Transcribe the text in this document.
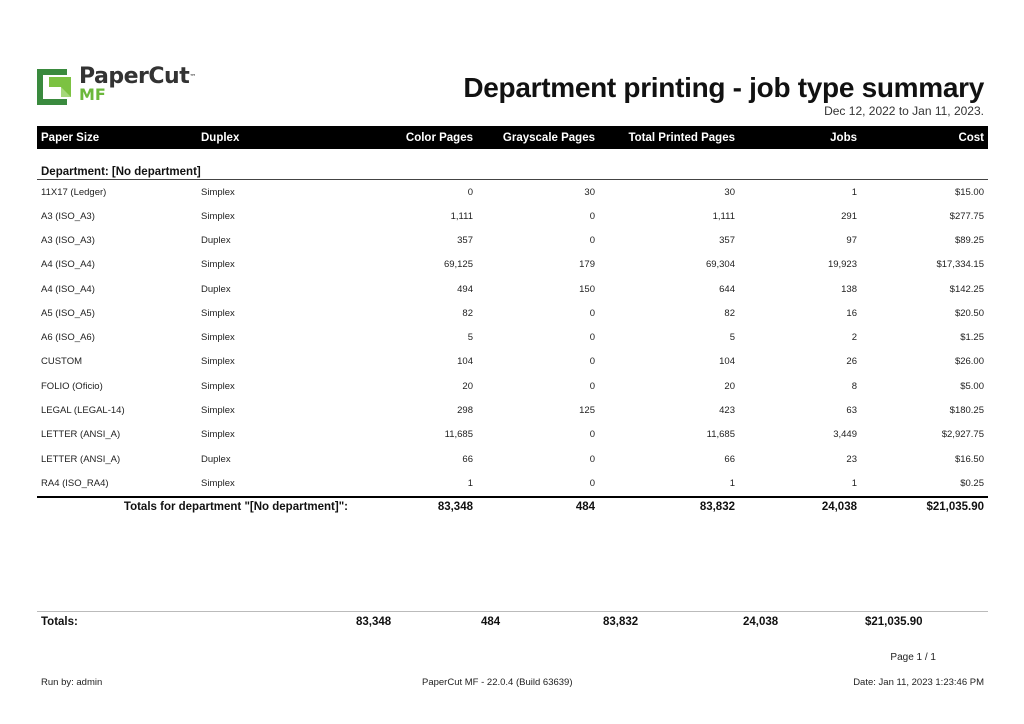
PaperCut™
MF	Department printing - job type summary
Dec 12, 2022 to Jan 11, 2023.
Paper Size	Duplex	Color Pages	Grayscale Pages	Total Printed Pages	Jobs	Cost

Department: [No department]						
11X17 (Ledger)	Simplex	0	30	30	1	$15.00
A3 (ISO_A3)	Simplex	1,111	0	1,111	291	$277.75
A3 (ISO_A3)	Duplex	357	0	357	97	$89.25
A4 (ISO_A4)	Simplex	69,125	179	69,304	19,923	$17,334.15
A4 (ISO_A4)	Duplex	494	150	644	138	$142.25
A5 (ISO_A5)	Simplex	82	0	82	16	$20.50
A6 (ISO_A6)	Simplex	5	0	5	2	$1.25
CUSTOM	Simplex	104	0	104	26	$26.00
FOLIO (Oficio)	Simplex	20	0	20	8	$5.00
LEGAL (LEGAL-14)	Simplex	298	125	423	63	$180.25
LETTER (ANSI_A)	Simplex	11,685	0	11,685	3,449	$2,927.75
LETTER (ANSI_A)	Duplex	66	0	66	23	$16.50
RA4 (ISO_RA4)	Simplex	1	0	1	1	$0.25
Totals for department "[No department]":		83,348	484	83,832	24,038	$21,035.90
Totals:	83,348	484	83,832	24,038	$21,035.90
Page 1 / 1
Run by: admin	PaperCut MF - 22.0.4 (Build 63639)	Date: Jan 11, 2023 1:23:46 PM
